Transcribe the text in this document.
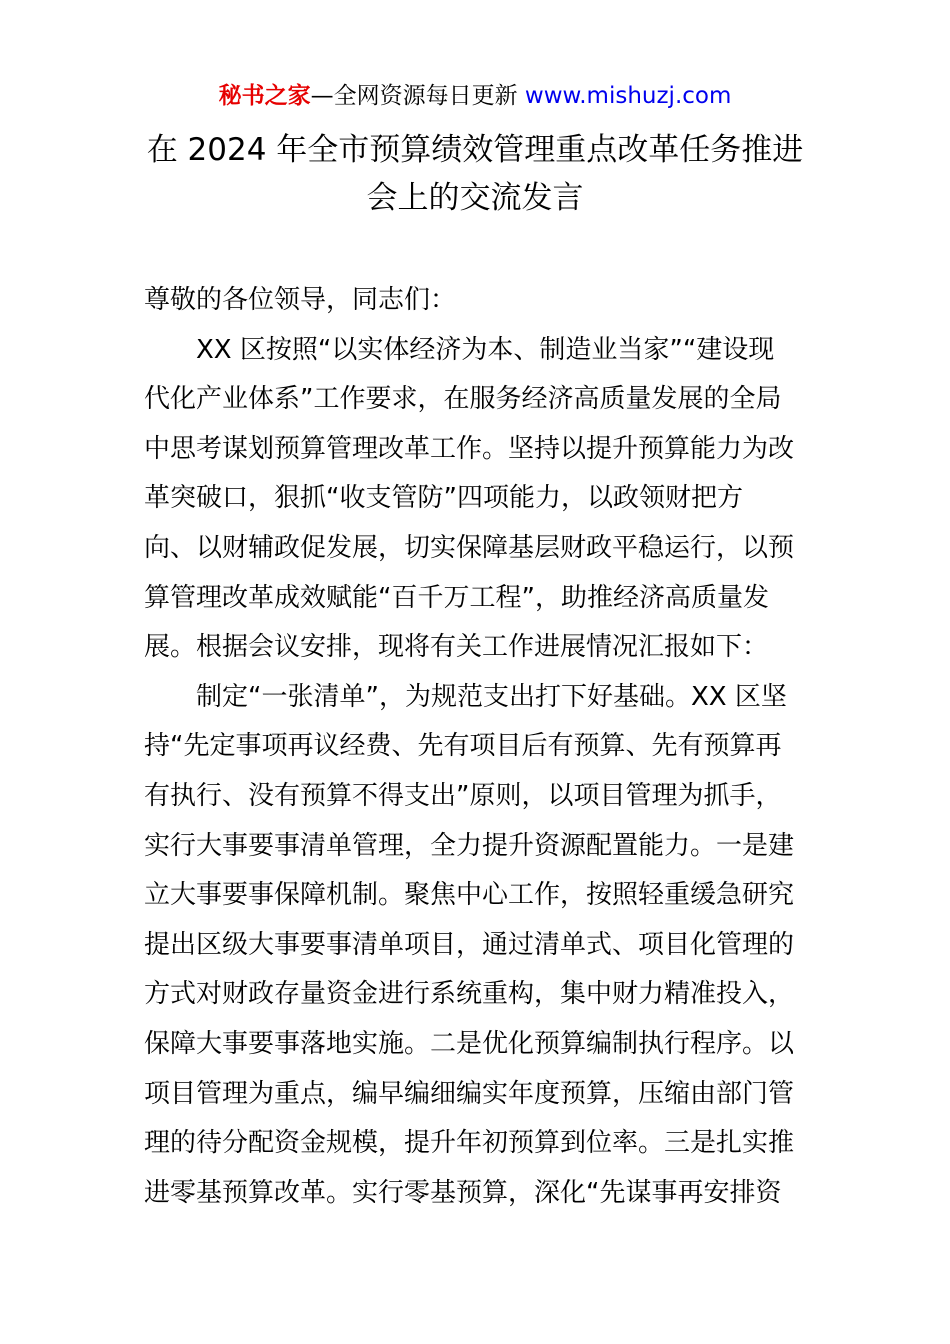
秘书之家—全网资源每日更新 www.mishuzj.com
在 2024 年全市预算绩效管理重点改革任务推进
会上的交流发言
尊敬的各位领导，同志们：
XX 区按照“以实体经济为本、制造业当家”“建设现
代化产业体系”工作要求，在服务经济高质量发展的全局
中思考谋划预算管理改革工作。坚持以提升预算能力为改
革突破口，狠抓“收支管防”四项能力，以政领财把方
向、以财辅政促发展，切实保障基层财政平稳运行，以预
算管理改革成效赋能“百千万工程”，助推经济高质量发
展。根据会议安排，现将有关工作进展情况汇报如下：
制定“一张清单”，为规范支出打下好基础。XX 区坚
持“先定事项再议经费、先有项目后有预算、先有预算再
有执行、没有预算不得支出”原则，以项目管理为抓手，
实行大事要事清单管理，全力提升资源配置能力。一是建
立大事要事保障机制。聚焦中心工作，按照轻重缓急研究
提出区级大事要事清单项目，通过清单式、项目化管理的
方式对财政存量资金进行系统重构，集中财力精准投入，
保障大事要事落地实施。二是优化预算编制执行程序。以
项目管理为重点，编早编细编实年度预算，压缩由部门管
理的待分配资金规模，提升年初预算到位率。三是扎实推
进零基预算改革。实行零基预算，深化“先谋事再安排资
